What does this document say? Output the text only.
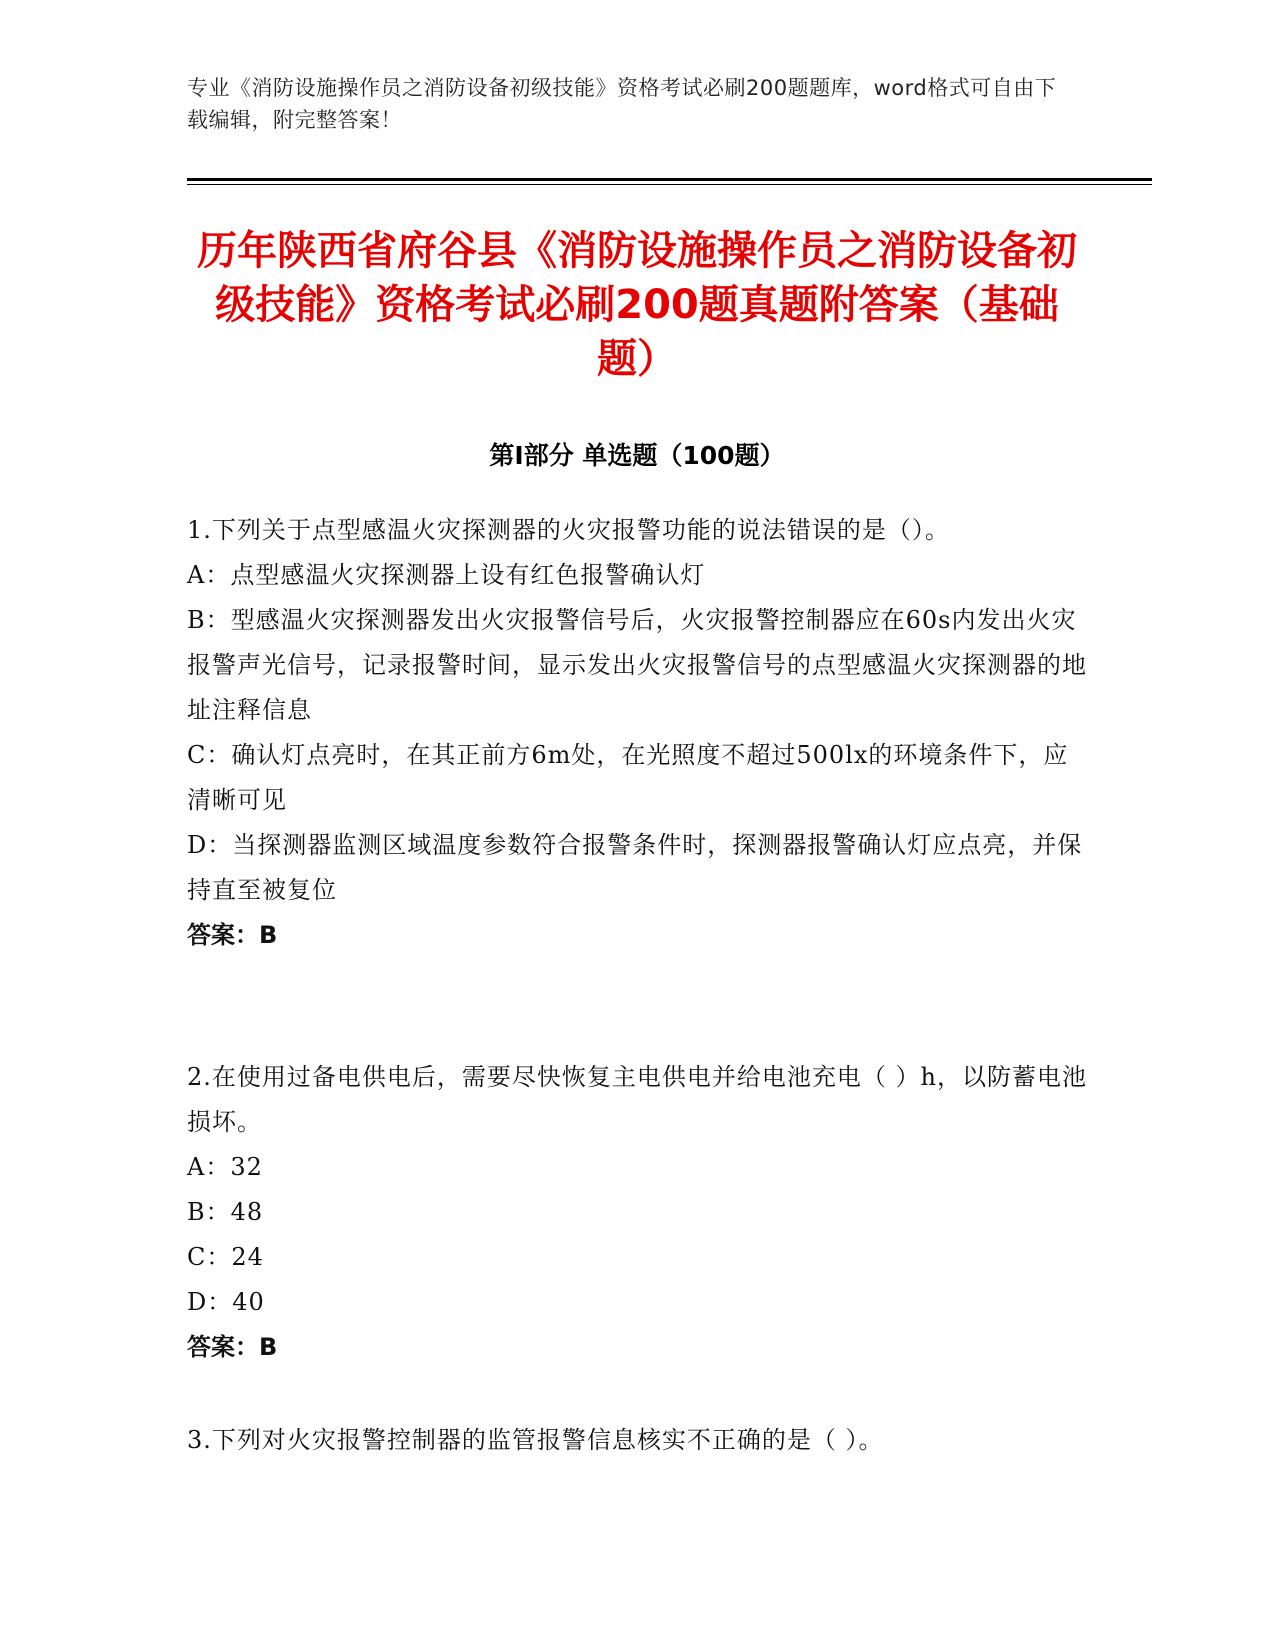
专业《消防设施操作员之消防设备初级技能》资格考试必刷200题题库，word格式可自由下载编辑，附完整答案！
历年陕西省府谷县《消防设施操作员之消防设备初级技能》资格考试必刷200题真题附答案（基础题）
第I部分 单选题（100题）

1.下列关于点型感温火灾探测器的火灾报警功能的说法错误的是（）。

A：点型感温火灾探测器上设有红色报警确认灯

B：型感温火灾探测器发出火灾报警信号后，火灾报警控制器应在60s内发出火灾报警声光信号，记录报警时间，显示发出火灾报警信号的点型感温火灾探测器的地址注释信息

C：确认灯点亮时，在其正前方6m处，在光照度不超过500lx的环境条件下，应清晰可见

D：当探测器监测区域温度参数符合报警条件时，探测器报警确认灯应点亮，并保持直至被复位

答案：B

2.在使用过备电供电后，需要尽快恢复主电供电并给电池充电（ ）h，以防蓄电池损坏。

A：32

B：48

C：24

D：40

答案：B

3.下列对火灾报警控制器的监管报警信息核实不正确的是（ ）。
